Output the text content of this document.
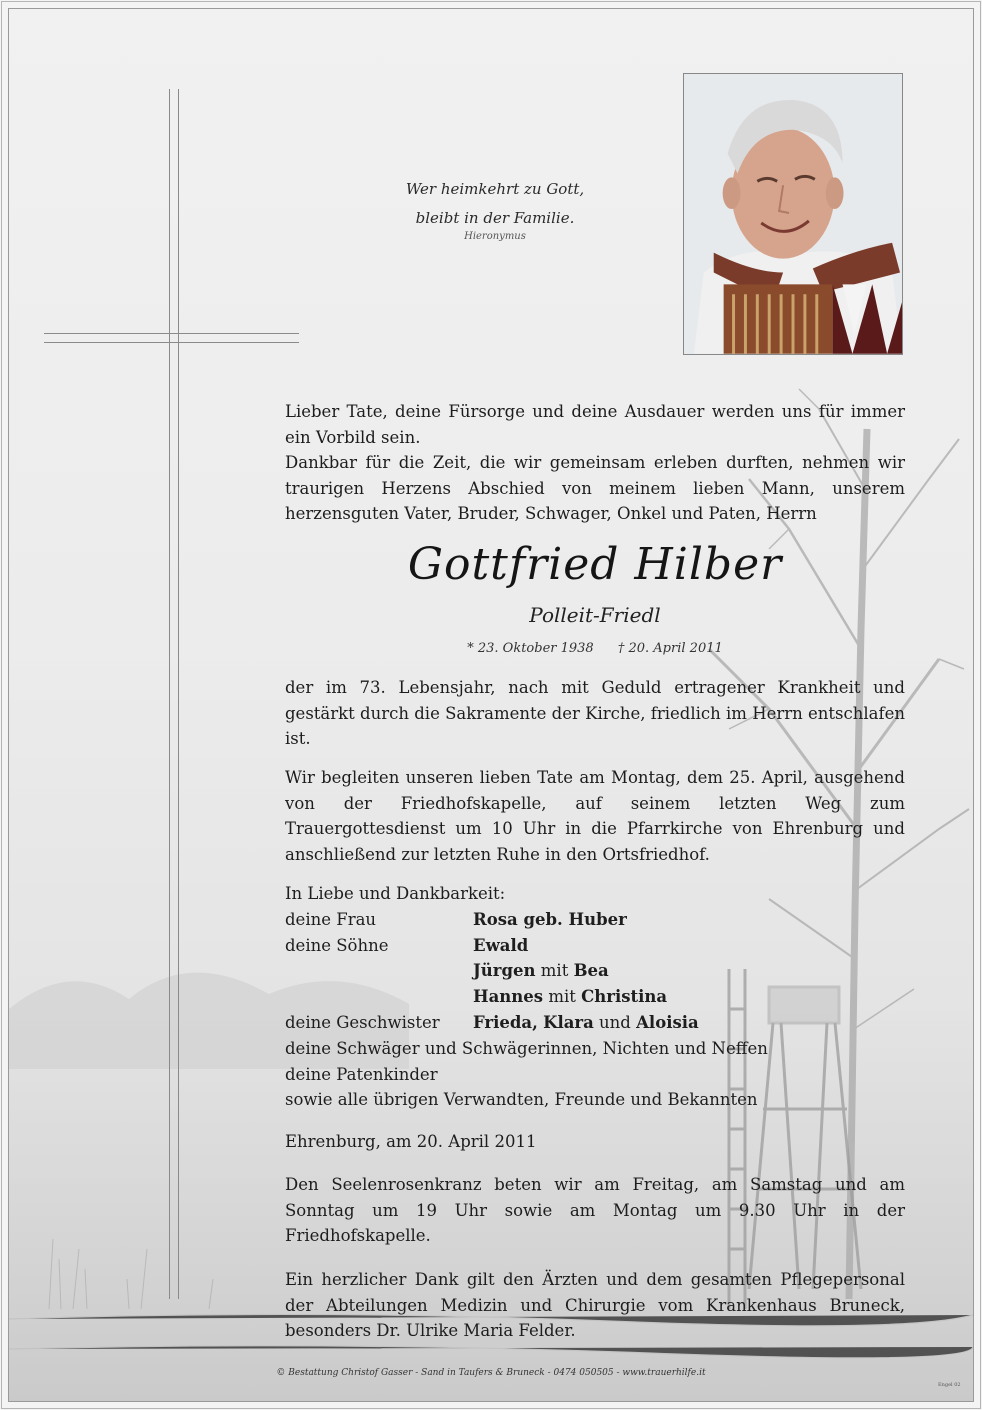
Wer heimkehrt zu Gott,
bleibt in der Familie.
Hieronymus

Lieber Tate, deine Fürsorge und deine Ausdauer werden uns für immer ein Vorbild sein.

Dankbar für die Zeit, die wir gemeinsam erleben durften, nehmen wir traurigen Herzens Abschied von meinem lieben Mann, unserem herzensguten Vater, Bruder, Schwager, Onkel und Paten, Herrn

Gottfried Hilber
Polleit-Friedl
* 23. Oktober 1938 † 20. April 2011

der im 73. Lebensjahr, nach mit Geduld ertragener Krankheit und gestärkt durch die Sakramente der Kirche, friedlich im Herrn entschlafen ist.

Wir begleiten unseren lieben Tate am Montag, dem 25. April, ausgehend von der Friedhofskapelle, auf seinem letzten Weg zum Trauergottesdienst um 10 Uhr in die Pfarrkirche von Ehrenburg und anschließend zur letzten Ruhe in den Ortsfriedhof.

In Liebe und Dankbarkeit:
deine Frau	Rosa geb. Huber
deine Söhne	Ewald
Jürgen mit Bea
Hannes mit Christina
deine Geschwister	Frieda, Klara und Aloisia
deine Schwäger und Schwägerinnen, Nichten und Neffen
deine Patenkinder
sowie alle übrigen Verwandten, Freunde und Bekannten
Ehrenburg, am 20. April 2011

Den Seelenrosenkranz beten wir am Freitag, am Samstag und am Sonntag um 19 Uhr sowie am Montag um 9.30 Uhr in der Friedhofskapelle.

Ein herzlicher Dank gilt den Ärzten und dem gesamten Pflegepersonal der Abteilungen Medizin und Chirurgie vom Krankenhaus Bruneck, besonders Dr. Ulrike Maria Felder.

© Bestattung Christof Gasser - Sand in Taufers & Bruneck - 0474 050505 - www.trauerhilfe.it
Engel 02
